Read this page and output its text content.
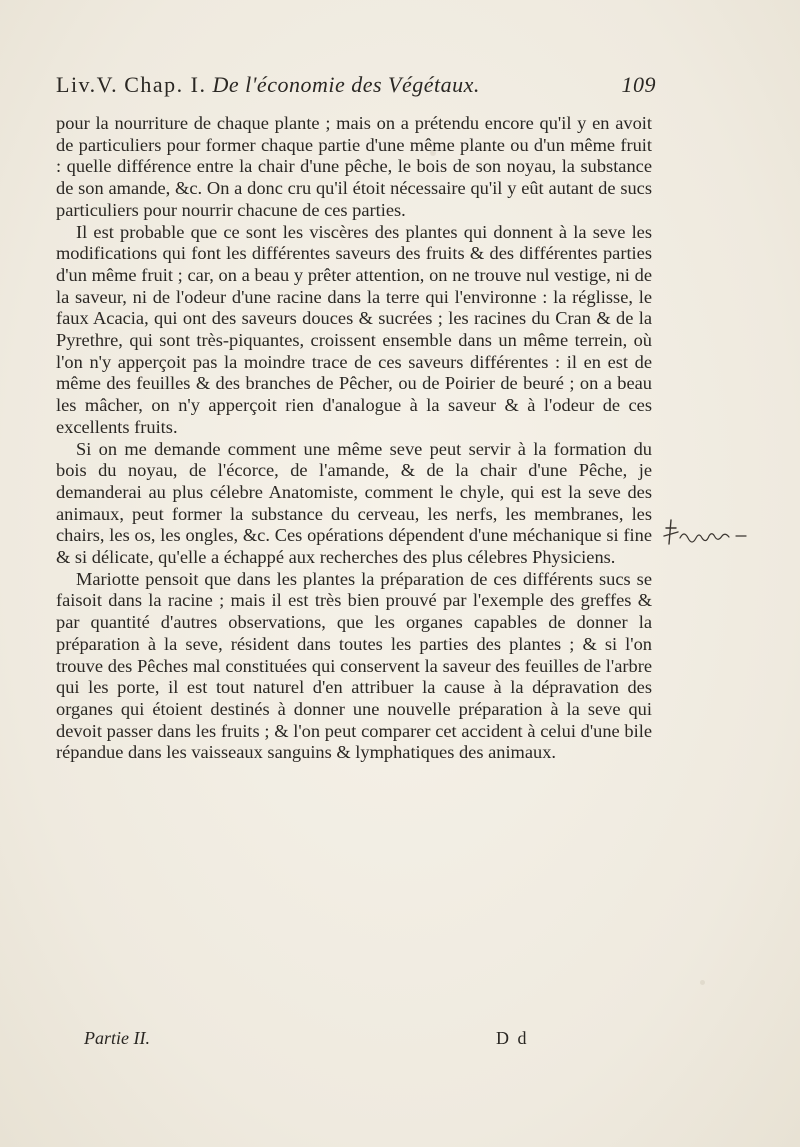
Liv.V. Chap. I. De l'économie des Végétaux.	109

pour la nourriture de chaque plante ; mais on a prétendu encore qu'il y en avoit de particuliers pour former chaque partie d'une même plante ou d'un même fruit : quelle différence entre la chair d'une pêche, le bois de son noyau, la substance de son amande, &c. On a donc cru qu'il étoit nécessaire qu'il y eût autant de sucs particuliers pour nourrir chacune de ces parties.

Il est probable que ce sont les viscères des plantes qui donnent à la seve les modifications qui font les différentes saveurs des fruits & des différentes parties d'un même fruit ; car, on a beau y prêter attention, on ne trouve nul vestige, ni de la saveur, ni de l'odeur d'une racine dans la terre qui l'environne : la réglisse, le faux Acacia, qui ont des saveurs douces & sucrées ; les racines du Cran & de la Pyrethre, qui sont très-piquantes, croissent ensemble dans un même terrein, où l'on n'y apperçoit pas la moindre trace de ces saveurs différentes : il en est de même des feuilles & des branches de Pêcher, ou de Poirier de beuré ; on a beau les mâcher, on n'y apperçoit rien d'analogue à la saveur & à l'odeur de ces excellents fruits.

Si on me demande comment une même seve peut servir à la formation du bois du noyau, de l'écorce, de l'amande, & de la chair d'une Pêche, je demanderai au plus célebre Anatomiste, comment le chyle, qui est la seve des animaux, peut former la substance du cerveau, les nerfs, les membranes, les chairs, les os, les ongles, &c. Ces opérations dépendent d'une méchanique si fine & si délicate, qu'elle a échappé aux recherches des plus célebres Physiciens.

Mariotte pensoit que dans les plantes la préparation de ces différents sucs se faisoit dans la racine ; mais il est très bien prouvé par l'exemple des greffes & par quantité d'autres observations, que les organes capables de donner la préparation à la seve, résident dans toutes les parties des plantes ; & si l'on trouve des Pêches mal constituées qui conservent la saveur des feuilles de l'arbre qui les porte, il est tout naturel d'en attribuer la cause à la dépravation des organes qui étoient destinés à donner une nouvelle préparation à la seve qui devoit passer dans les fruits ; & l'on peut comparer cet accident à celui d'une bile répandue dans les vaisseaux sanguins & lymphatiques des animaux.

Partie II.	D d
